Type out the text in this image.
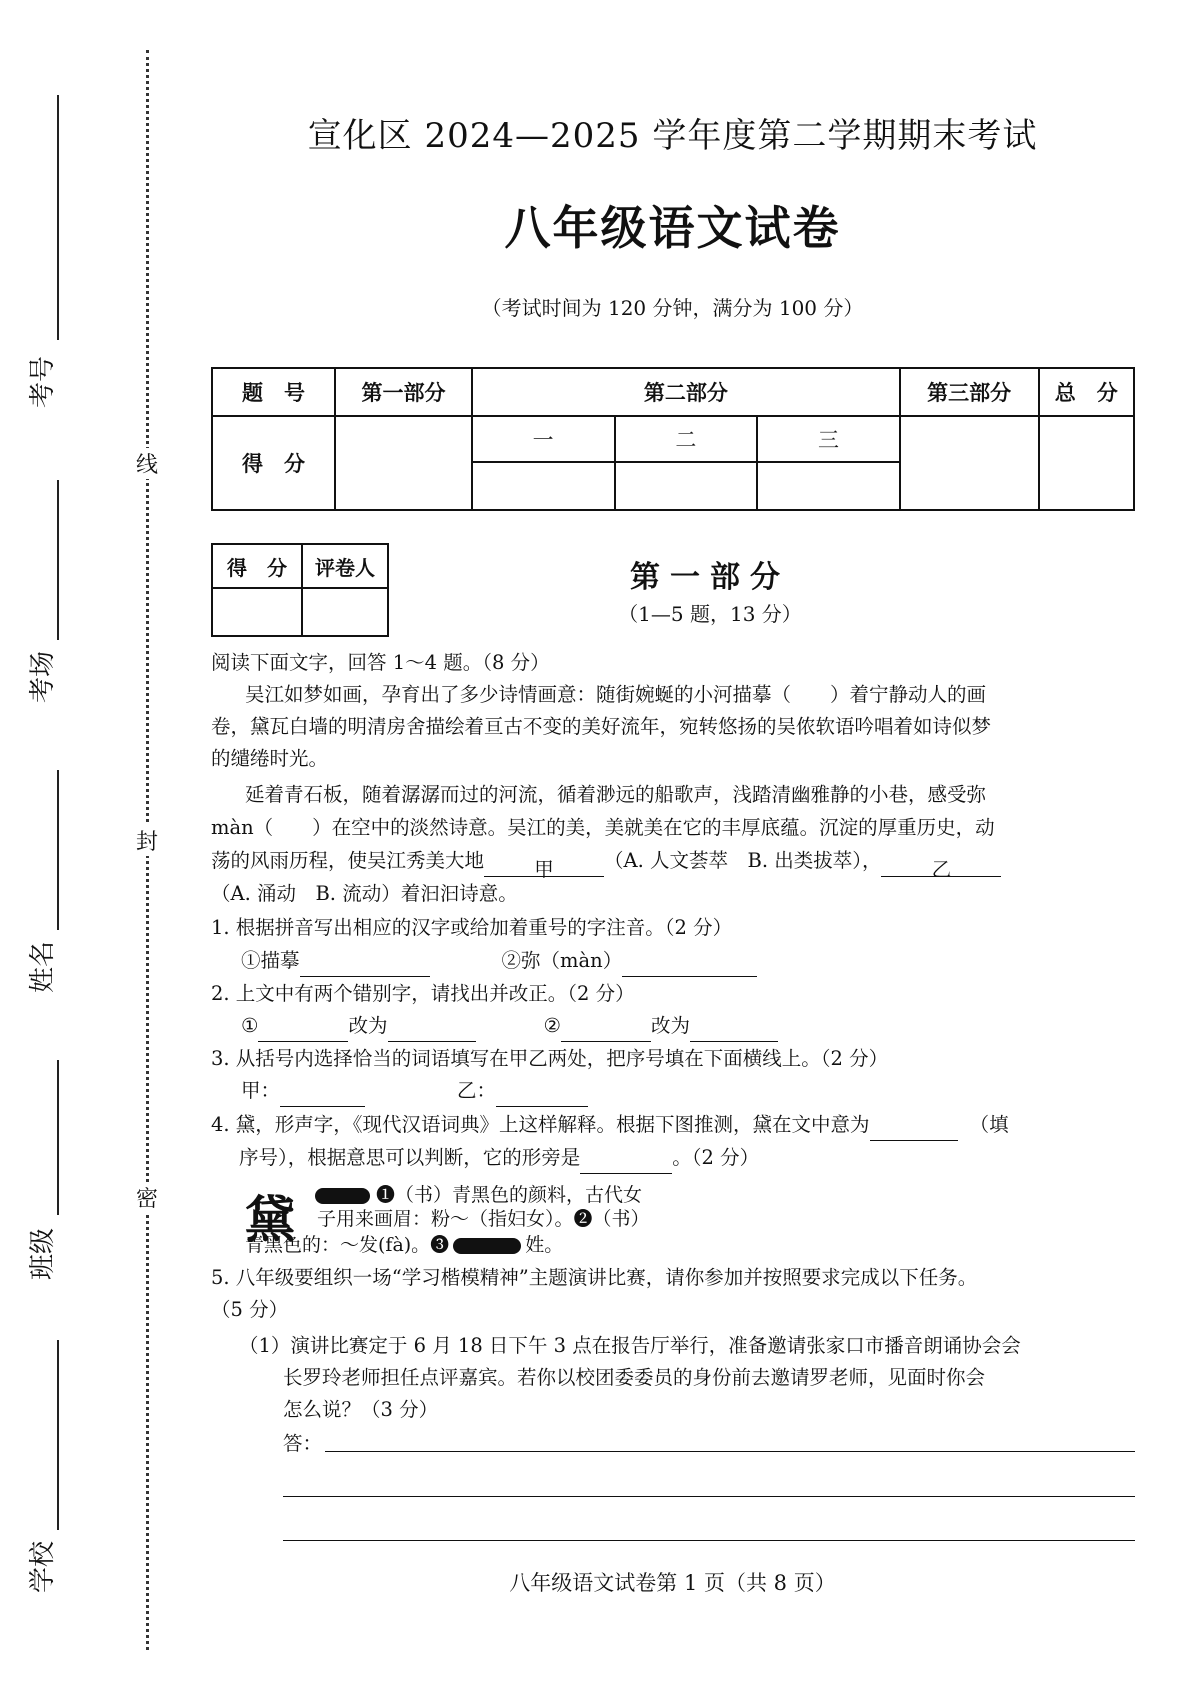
考号
考场
姓名
班级
学校
线
封
密
宣化区 2024—2025 学年度第二学期期末考试
八年级语文试卷
（考试时间为 120 分钟，满分为 100 分）
题　号	第一部分	第二部分			第三部分	总　分
得　分		一	二	三		

得　分	评卷人
		第一部分
（1—5 题，13 分）
阅读下面文字，回答 1～4 题。（8 分）
吴江如梦如画，孕育出了多少诗情画意：随街婉蜒的小河描摹（　　）着宁静动人的画
卷，黛瓦白墙的明清房舍描绘着亘古不变的美好流年，宛转悠扬的吴侬软语吟唱着如诗似梦
的缱绻时光。
延着青石板，随着潺潺而过的河流，循着渺远的船歌声，浅踏清幽雅静的小巷，感受弥
màn（　　）在空中的淡然诗意。吴江的美，美就美在它的丰厚底蕴。沉淀的厚重历史，动
荡的风雨历程，使吴江秀美大地	甲	（A. 人文荟萃　B. 出类拔萃），	乙
（A. 涌动　B. 流动）着汩汩诗意。
1. 根据拼音写出相应的汉字或给加着重号的字注音。（2 分）
①描摹	②弥（màn）
2. 上文中有两个错别字，请找出并改正。（2 分）
①	改为	②	改为
3. 从括号内选择恰当的词语填写在甲乙两处，把序号填在下面横线上。（2 分）
甲：	乙：
4. 黛，形声字，《现代汉语词典》上这样解释。根据下图推测，黛在文中意为	（填
序号），根据意思可以判断，它的形旁是	。（2 分）
黛	❶（书）青黑色的颜料，古代女
子用来画眉：粉～（指妇女）。❷（书）
青黑色的：～发(fà)。❸	姓。
5. 八年级要组织一场“学习楷模精神”主题演讲比赛，请你参加并按照要求完成以下任务。
（5 分）
（1）演讲比赛定于 6 月 18 日下午 3 点在报告厅举行，准备邀请张家口市播音朗诵协会会
长罗玲老师担任点评嘉宾。若你以校团委委员的身份前去邀请罗老师，见面时你会
怎么说？（3 分）
答：
八年级语文试卷第 1 页（共 8 页）
